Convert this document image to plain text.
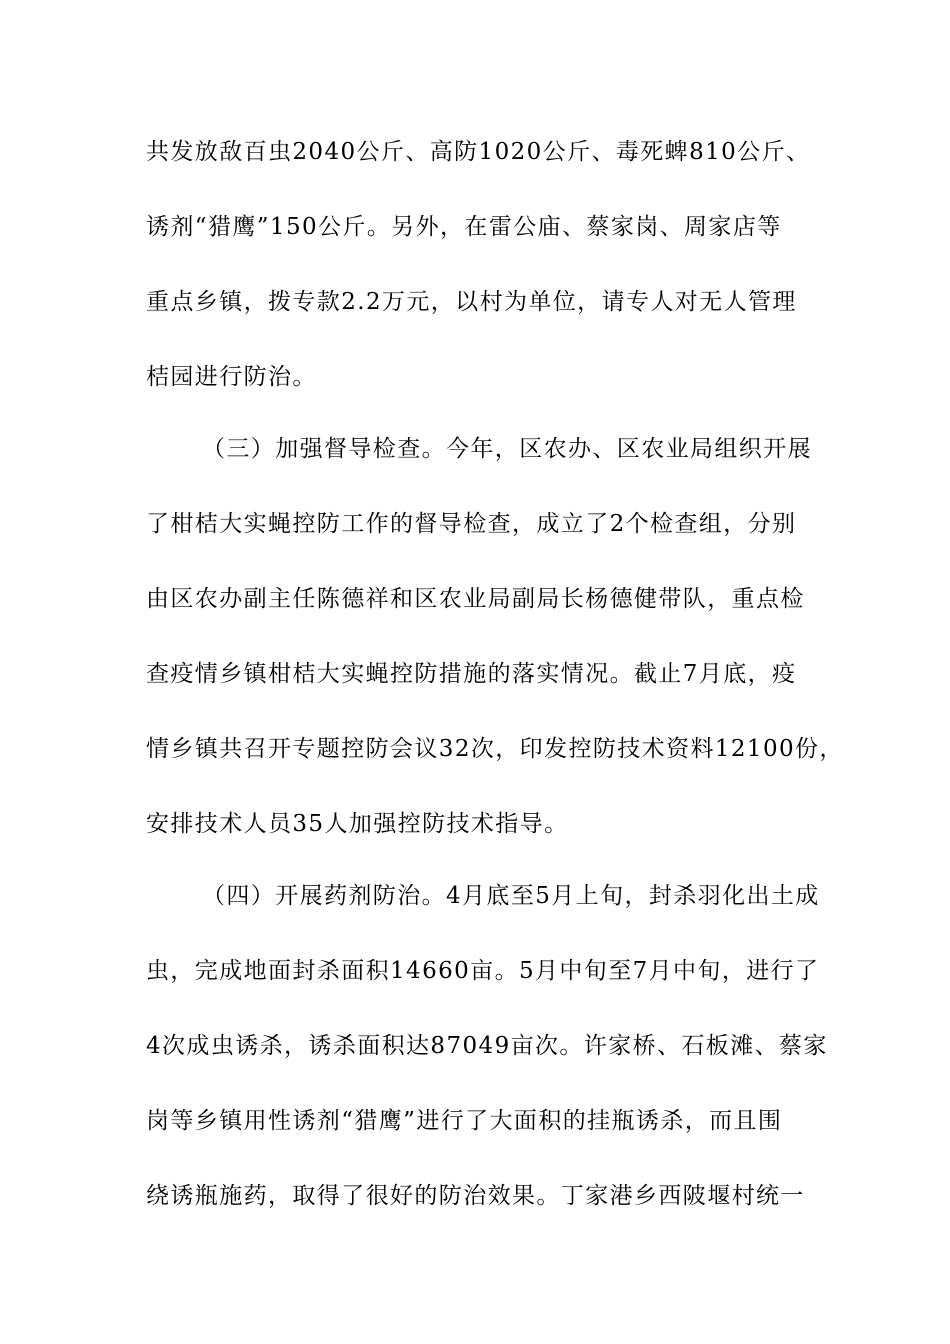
共发放敌百虫2040公斤、高防1020公斤、毒死蜱810公斤、
诱剂“猎鹰”150公斤。另外，在雷公庙、蔡家岗、周家店等
重点乡镇，拨专款2.2万元，以村为单位，请专人对无人管理
桔园进行防治。
（三）加强督导检查。今年，区农办、区农业局组织开展
了柑桔大实蝇控防工作的督导检查，成立了2个检查组，分别
由区农办副主任陈德祥和区农业局副局长杨德健带队，重点检
查疫情乡镇柑桔大实蝇控防措施的落实情况。截止7月底，疫
情乡镇共召开专题控防会议32次，印发控防技术资料12100份，
安排技术人员35人加强控防技术指导。
（四）开展药剂防治。4月底至5月上旬，封杀羽化出土成
虫，完成地面封杀面积14660亩。5月中旬至7月中旬，进行了
4次成虫诱杀，诱杀面积达87049亩次。许家桥、石板滩、蔡家
岗等乡镇用性诱剂“猎鹰”进行了大面积的挂瓶诱杀，而且围
绕诱瓶施药，取得了很好的防治效果。丁家港乡西陂堰村统一
